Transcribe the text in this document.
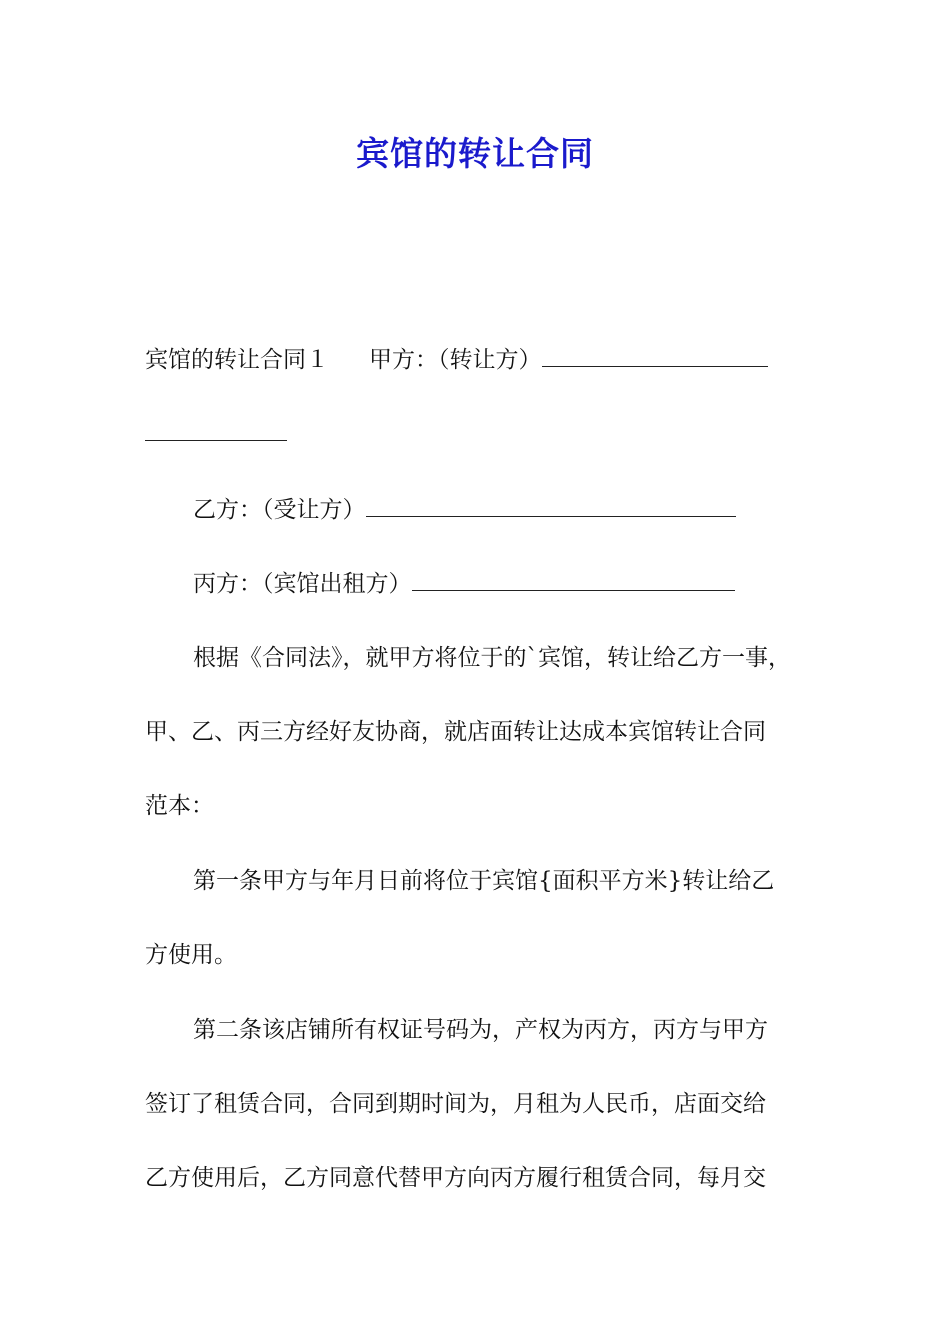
宾馆的转让合同
宾馆的转让合同１ 甲方：（转让方）
乙方：（受让方）
丙方：（宾馆出租方）
根据《合同法》，就甲方将位于的`宾馆，转让给乙方一事，
甲、乙、丙三方经好友协商，就店面转让达成本宾馆转让合同
范本：
第一条甲方与年月日前将位于宾馆{面积平方米}转让给乙
方使用。
第二条该店铺所有权证号码为，产权为丙方，丙方与甲方
签订了租赁合同，合同到期时间为，月租为人民币，店面交给
乙方使用后，乙方同意代替甲方向丙方履行租赁合同，每月交
